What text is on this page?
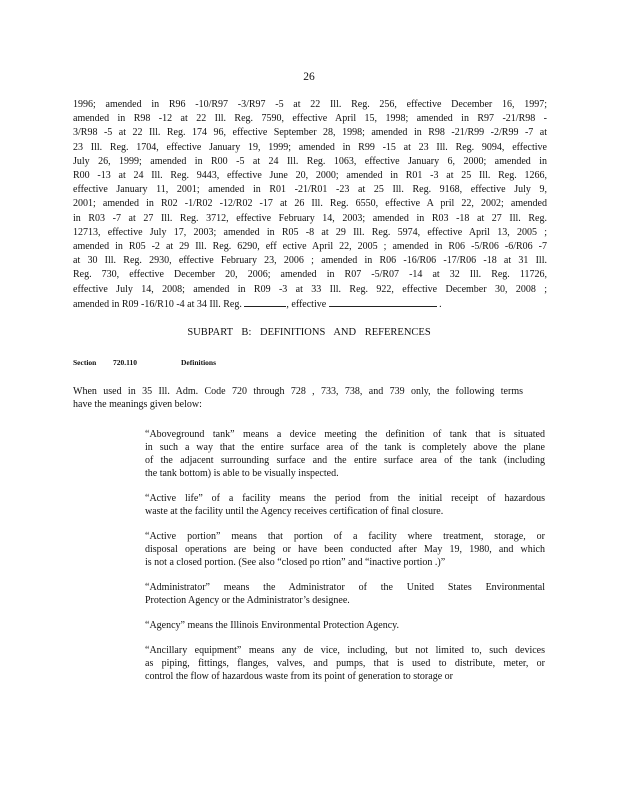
26
1996; amended in R96 -10/R97 -3/R97 -5 at 22 Ill. Reg. 256, effective December 16, 1997;
amended in R98 -12 at 22 Ill. Reg. 7590, effective April 15, 1998; amended in R97 -21/R98 -
3/R98 -5 at 22 Ill. Reg. 174 96, effective September 28, 1998; amended in R98 -21/R99 -2/R99 -7 at
23 Ill. Reg. 1704, effective January 19, 1999; amended in R99 -15 at 23 Ill. Reg. 9094, effective
July 26, 1999; amended in R00 -5 at 24 Ill. Reg. 1063, effective January 6, 2000; amended in
R00 -13 at 24 Ill. Reg. 9443, effective June 20, 2000; amended in R01 -3 at 25 Ill. Reg. 1266,
effective January 11, 2001; amended in R01 -21/R01 -23 at 25 Ill. Reg. 9168, effective July 9,
2001; amended in R02 -1/R02 -12/R02 -17 at 26 Ill. Reg. 6550, effective A pril 22, 2002; amended
in R03 -7 at 27 Ill. Reg. 3712, effective February 14, 2003; amended in R03 -18 at 27 Ill. Reg.
12713, effective July 17, 2003; amended in R05 -8 at 29 Ill. Reg. 5974, effective April 13, 2005 ;
amended in R05 -2 at 29 Ill. Reg. 6290, eff ective April 22, 2005 ; amended in R06 -5/R06 -6/R06 -7
at 30 Ill. Reg. 2930, effective February 23, 2006 ; amended in R06 -16/R06 -17/R06 -18 at 31 Ill.
Reg. 730, effective December 20, 2006; amended in R07 -5/R07 -14 at 32 Ill. Reg. 11726,
effective July 14, 2008; amended in R09 -3 at 33 Ill. Reg. 922, effective December 30, 2008 ;
amended in R09 -16/R10 -4 at 34 Ill. Reg.	, effective	.
SUBPART B: DEFINITIONS AND REFERENCES
Section 720.110	Definitions
When used in 35 Ill. Adm. Code 720 through 728 , 733, 738, and 739 only, the following terms
have the meanings given below:
“Aboveground tank” means a device meeting the definition of tank that is situated
in such a way that the entire surface area of the tank is completely above the plane
of the adjacent surrounding surface and the entire surface area of the tank (including
the tank bottom) is able to be visually inspected.
“Active life” of a facility means the period from the initial receipt of hazardous
waste at the facility until the Agency receives certification of final closure.
“Active portion” means that portion of a facility where treatment, storage, or
disposal operations are being or have been conducted after May 19, 1980, and which
is not a closed portion. (See also “closed po rtion” and “inactive portion .)”
“Administrator” means the Administrator of the United States Environmental
Protection Agency or the Administrator’s designee.
“Agency” means the Illinois Environmental Protection Agency.
“Ancillary equipment” means any de vice, including, but not limited to, such devices
as piping, fittings, flanges, valves, and pumps, that is used to distribute, meter, or
control the flow of hazardous waste from its point of generation to storage or
